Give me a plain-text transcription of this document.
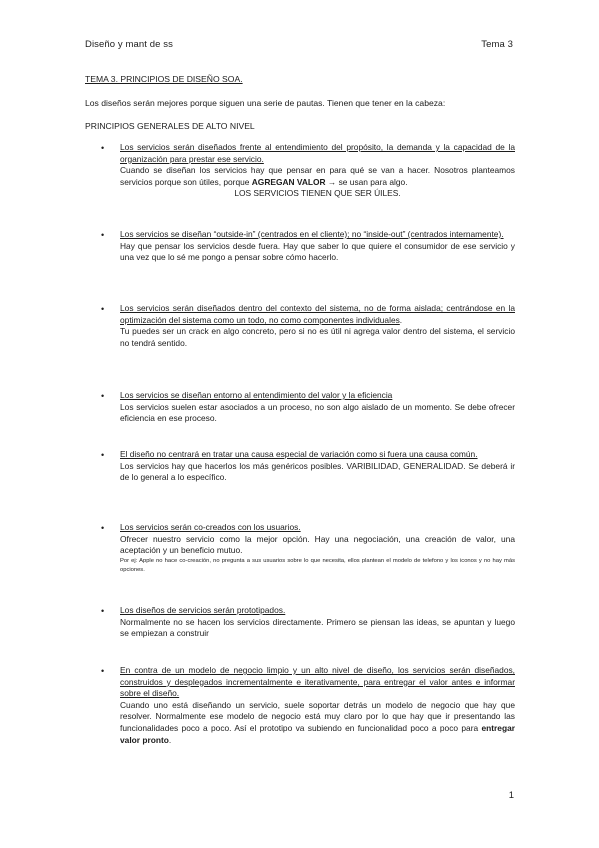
Diseño y mant de ss	Tema 3
TEMA 3. PRINCIPIOS DE DISEÑO SOA.
Los diseños serán mejores porque siguen una serie de pautas. Tienen que tener en la cabeza:
PRINCIPIOS GENERALES DE ALTO NIVEL
• Los servicios serán diseñados frente al entendimiento del propósito, la demanda y la capacidad de la organización para prestar ese servicio.
Cuando se diseñan los servicios hay que pensar en para qué se van a hacer. Nosotros planteamos servicios porque son útiles, porque AGREGAN VALOR → se usan para algo.
LOS SERVICIOS TIENEN QUE SER ÚILES.
• Los servicios se diseñan “outside-in” (centrados en el cliente); no “inside-out” (centrados internamente).
Hay que pensar los servicios desde fuera. Hay que saber lo que quiere el consumidor de ese servicio y una vez que lo sé me pongo a pensar sobre cómo hacerlo.
• Los servicios serán diseñados dentro del contexto del sistema, no de forma aislada; centrándose en la optimización del sistema como un todo, no como componentes individuales.
Tu puedes ser un crack en algo concreto, pero si no es útil ni agrega valor dentro del sistema, el servicio no tendrá sentido.
• Los servicios se diseñan entorno al entendimiento del valor y la eficiencia
Los servicios suelen estar asociados a un proceso, no son algo aislado de un momento. Se debe ofrecer eficiencia en ese proceso.
• El diseño no centrará en tratar una causa especial de variación como si fuera una causa común.
Los servicios hay que hacerlos los más genéricos posibles. VARIBILIDAD, GENERALIDAD. Se deberá ir de lo general a lo específico.
• Los servicios serán co-creados con los usuarios.
Ofrecer nuestro servicio como la mejor opción. Hay una negociación, una creación de valor, una aceptación y un beneficio mutuo.
Por ej: Apple no hace co-creación, no pregunta a sus usuarios sobre lo que necesita, ellos plantean el modelo de telefono y los iconos y no hay más opciones.
• Los diseños de servicios serán prototipados.
Normalmente no se hacen los servicios directamente. Primero se piensan las ideas, se apuntan y luego se empiezan a construir
• En contra de un modelo de negocio limpio y un alto nivel de diseño, los servicios serán diseñados, construidos y desplegados incrementalmente e iterativamente, para entregar el valor antes e informar sobre el diseño.
Cuando uno está diseñando un servicio, suele soportar detrás un modelo de negocio que hay que resolver. Normalmente ese modelo de negocio está muy claro por lo que hay que ir presentando las funcionalidades poco a poco. Así el prototipo va subiendo en funcionalidad poco a poco para entregar valor pronto.
1
